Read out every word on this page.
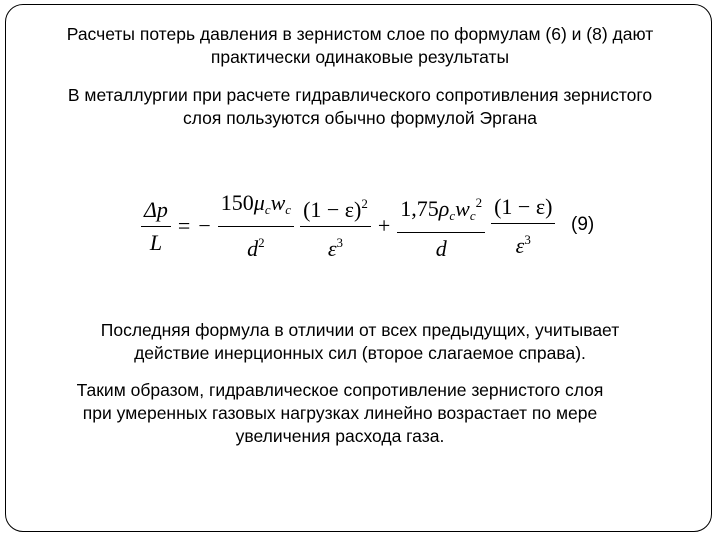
Расчеты потерь давления в зернистом слое по формулам (6) и (8) дают
практически одинаковые результаты

В металлургии при расчете гидравлического сопротивления зернистого
слоя пользуются обычно формулой Эргана

$\frac{\Delta p}{L}$ = − $\frac{150\mu_cw_c}{d^2} \frac{(1 - \varepsilon)^2}{\varepsilon^3} + \frac{1,75\rho_cw_c^2}{d} \frac{(1 - \varepsilon)}{\varepsilon^3} (9)$

Последняя формула в отличии от всех предыдущих, учитывает
действие инерционных сил (второе слагаемое справа).

Таким образом, гидравлическое сопротивление зернистого слоя
при умеренных газовых нагрузках линейно возрастает по мере
увеличения расхода газа.
